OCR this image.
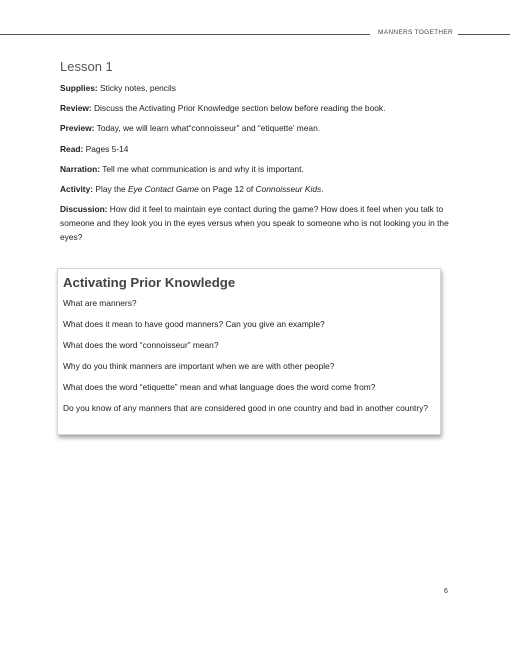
MANNERS TOGETHER
Lesson 1

Supplies: Sticky notes, pencils

Review: Discuss the Activating Prior Knowledge section below before reading the book.

Preview: Today, we will learn what“connoisseur” and “etiquette’ mean.

Read: Pages 5-14

Narration: Tell me what communication is and why it is important.

Activity: Play the Eye Contact Game on Page 12 of Connoisseur Kids.

Discussion: How did it feel to maintain eye contact during the game? How does it feel when you talk to someone and they look you in the eyes versus when you speak to someone who is not looking you in the eyes?

Activating Prior Knowledge

What are manners?

What does it mean to have good manners? Can you give an example?

What does the word “connoisseur” mean?

Why do you think manners are important when we are with other people?

What does the word “etiquette” mean and what language does the word come from?

Do you know of any manners that are considered good in one country and bad in another country?

6
